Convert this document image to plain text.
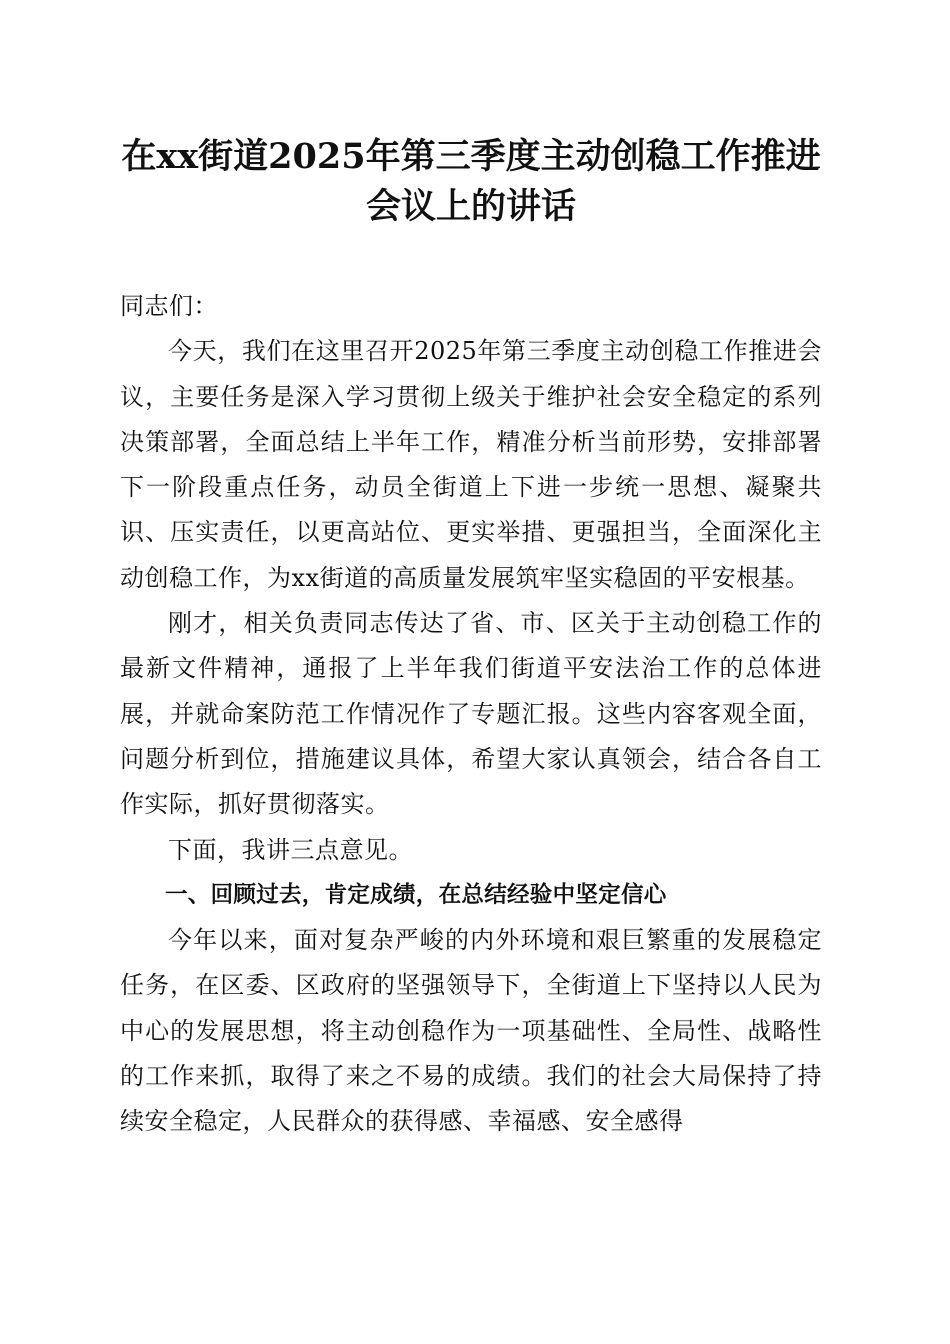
在xx街道2025年第三季度主动创稳工作推进
会议上的讲话

同志们：

今天，我们在这里召开2025年第三季度主动创稳工作推进会议，主要任务是深入学习贯彻上级关于维护社会安全稳定的系列决策部署，全面总结上半年工作，精准分析当前形势，安排部署下一阶段重点任务，动员全街道上下进一步统一思想、凝聚共识、压实责任，以更高站位、更实举措、更强担当，全面深化主动创稳工作，为xx街道的高质量发展筑牢坚实稳固的平安根基。

刚才，相关负责同志传达了省、市、区关于主动创稳工作的最新文件精神，通报了上半年我们街道平安法治工作的总体进展，并就命案防范工作情况作了专题汇报。这些内容客观全面，问题分析到位，措施建议具体，希望大家认真领会，结合各自工作实际，抓好贯彻落实。

下面，我讲三点意见。

一、回顾过去，肯定成绩，在总结经验中坚定信心

今年以来，面对复杂严峻的内外环境和艰巨繁重的发展稳定任务，在区委、区政府的坚强领导下，全街道上下坚持以人民为中心的发展思想，将主动创稳作为一项基础性、全局性、战略性的工作来抓，取得了来之不易的成绩。我们的社会大局保持了持续安全稳定，人民群众的获得感、幸福感、安全感得
